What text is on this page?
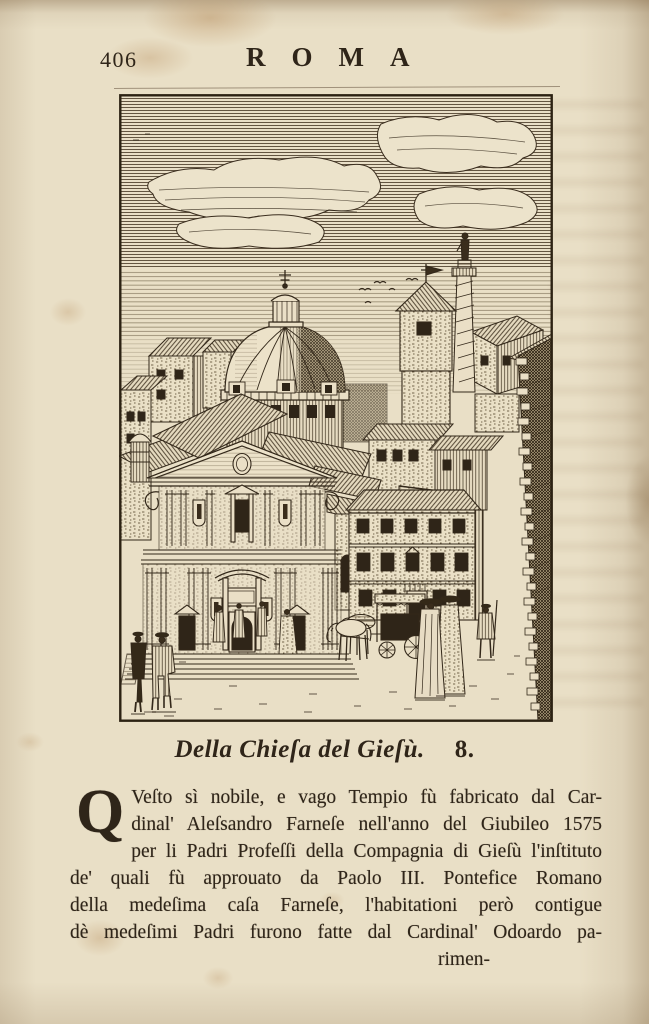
406	ROMA
Della Chieſa del Gieſù. 8.
Q Veſto sì nobile, e vago Tempio fù fabricato dal Car-
dinal' Aleſsandro Farneſe nell'anno del Giubileo 1575
per li Padri Profeſſi della Compagnia di Gieſù l'inſtituto
de' quali fù approuato da Paolo III. Pontefice Romano
della medeſima caſa Farneſe, l'habitationi però contigue
dè medeſimi Padri furono fatte dal Cardinal' Odoardo pa-
rimen-
